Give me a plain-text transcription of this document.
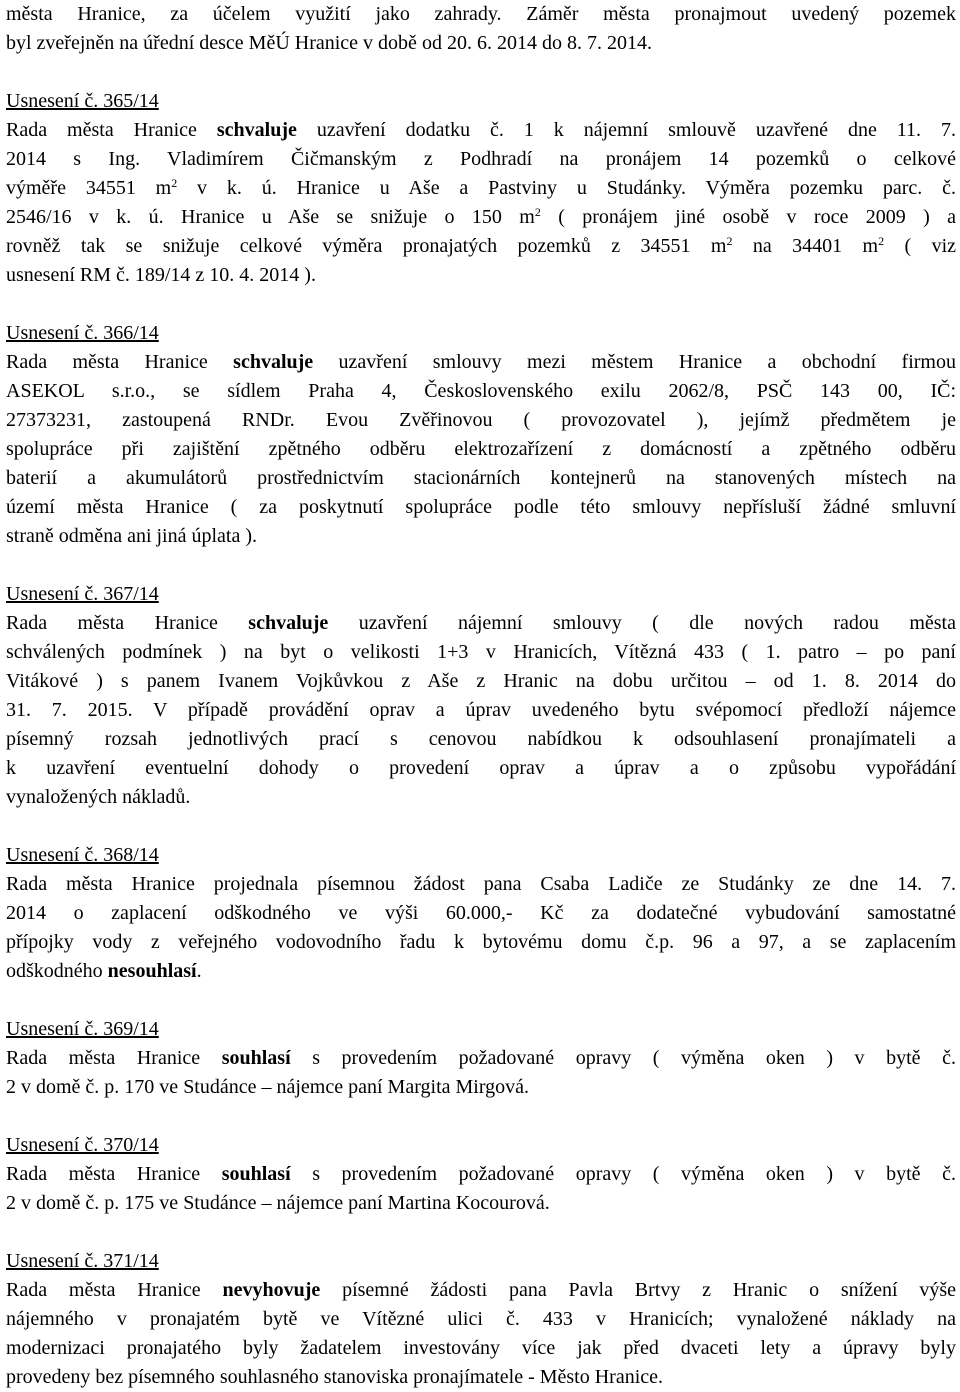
města Hranice, za účelem využití jako zahrady. Záměr města pronajmout uvedený pozemek
byl zveřejněn na úřední desce MěÚ Hranice v době od 20. 6. 2014 do 8. 7. 2014.
Usnesení č. 365/14
Rada města Hranice schvaluje uzavření dodatku č. 1 k nájemní smlouvě uzavřené dne 11. 7.
2014 s Ing. Vladimírem Čičmanským z Podhradí na pronájem 14 pozemků o celkové
výměře 34551 $m^2$ v k. ú. Hranice u Aše a Pastviny u Studánky. Výměra pozemku parc. č.
2546/16 v k. ú. Hranice u Aše se snižuje o 150 $m^2$ ( pronájem jiné osobě v roce 2009 ) a
rovněž tak se snižuje celkové výměra pronajatých pozemků z 34551 $m^2$ na 34401 $m^2$ ( viz
usnesení RM č. 189/14 z 10. 4. 2014 ).
Usnesení č. 366/14
Rada města Hranice schvaluje uzavření smlouvy mezi městem Hranice a obchodní firmou
ASEKOL s.r.o., se sídlem Praha 4, Československého exilu 2062/8, PSČ 143 00, IČ:
27373231, zastoupená RNDr. Evou Zvěřinovou ( provozovatel ), jejímž předmětem je
spolupráce při zajištění zpětného odběru elektrozařízení z domácností a zpětného odběru
baterií a akumulátorů prostřednictvím stacionárních kontejnerů na stanovených místech na
území města Hranice ( za poskytnutí spolupráce podle této smlouvy nepřísluší žádné smluvní
straně odměna ani jiná úplata ).
Usnesení č. 367/14
Rada města Hranice schvaluje uzavření nájemní smlouvy ( dle nových radou města
schválených podmínek ) na byt o velikosti 1+3 v Hranicích, Vítězná 433 ( 1. patro – po paní
Vitákové ) s panem Ivanem Vojkůvkou z Aše z Hranic na dobu určitou – od 1. 8. 2014 do
31. 7. 2015. V případě provádění oprav a úprav uvedeného bytu svépomocí předloží nájemce
písemný rozsah jednotlivých prací s cenovou nabídkou k odsouhlasení pronajímateli a
k uzavření eventuelní dohody o provedení oprav a úprav a o způsobu vypořádání
vynaložených nákladů.
Usnesení č. 368/14
Rada města Hranice projednala písemnou žádost pana Csaba Ladiče ze Studánky ze dne 14. 7.
2014 o zaplacení odškodného ve výši 60.000,- Kč za dodatečné vybudování samostatné
přípojky vody z veřejného vodovodního řadu k bytovému domu č.p. 96 a 97, a se zaplacením
odškodného nesouhlasí.
Usnesení č. 369/14
Rada města Hranice souhlasí s provedením požadované opravy ( výměna oken ) v bytě č.
2 v domě č. p. 170 ve Studánce – nájemce paní Margita Mirgová.
Usnesení č. 370/14
Rada města Hranice souhlasí s provedením požadované opravy ( výměna oken ) v bytě č.
2 v domě č. p. 175 ve Studánce – nájemce paní Martina Kocourová.
Usnesení č. 371/14
Rada města Hranice nevyhovuje písemné žádosti pana Pavla Brtvy z Hranic o snížení výše
nájemného v pronajatém bytě ve Vítězné ulici č. 433 v Hranicích; vynaložené náklady na
modernizaci pronajatého byly žadatelem investovány více jak před dvaceti lety a úpravy byly
provedeny bez písemného souhlasného stanoviska pronajímatele - Město Hranice.
